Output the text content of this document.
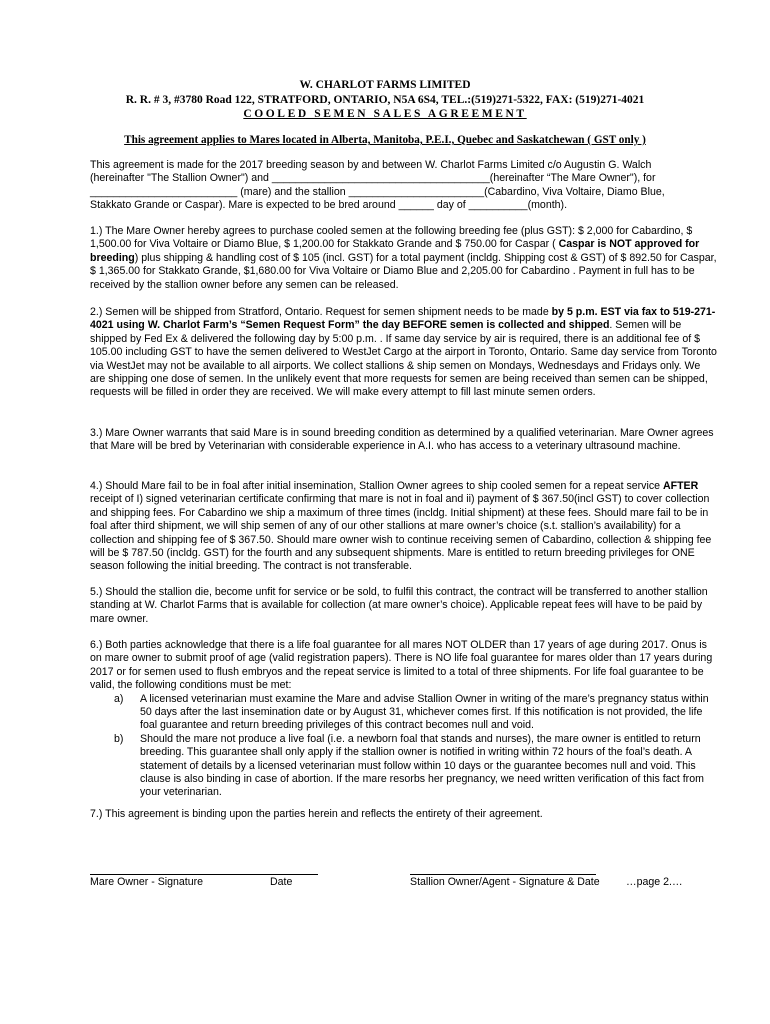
W. CHARLOT FARMS LIMITED
R. R. # 3, #3780 Road 122, STRATFORD, ONTARIO, N5A 6S4, TEL.:(519)271-5322, FAX: (519)271-4021
COOLED SEMEN SALES AGREEMENT
This agreement applies to Mares located in Alberta, Manitoba, P.E.I., Quebec and Saskatchewan ( GST only )
This agreement is made for the 2017 breeding season by and between W. Charlot Farms Limited c/o Augustin G. Walch
(hereinafter "The Stallion Owner") and _____________________________________(hereinafter “The Mare Owner"), for
_________________________ (mare) and the stallion _______________________(Cabardino, Viva Voltaire, Diamo Blue,
Stakkato Grande or Caspar). Mare is expected to be bred around ______ day of __________(month).
1.) The Mare Owner hereby agrees to purchase cooled semen at the following breeding fee (plus GST): $ 2,000 for Cabardino, $ 1,500.00 for Viva Voltaire or Diamo Blue, $ 1,200.00 for Stakkato Grande and $ 750.00 for Caspar ( Caspar is NOT approved for breeding) plus shipping & handling cost of $ 105 (incl. GST) for a total payment (incldg. Shipping cost & GST) of $ 892.50 for Caspar, $ 1,365.00 for Stakkato Grande, $1,680.00 for Viva Voltaire or Diamo Blue and 2,205.00 for Cabardino . Payment in full has to be received by the stallion owner before any semen can be released.
2.) Semen will be shipped from Stratford, Ontario. Request for semen shipment needs to be made by 5 p.m. EST via fax to 519-271-4021 using W. Charlot Farm’s “Semen Request Form” the day BEFORE semen is collected and shipped. Semen will be shipped by Fed Ex & delivered the following day by 5:00 p.m. . If same day service by air is required, there is an additional fee of $ 105.00 including GST to have the semen delivered to WestJet Cargo at the airport in Toronto, Ontario. Same day service from Toronto via WestJet may not be available to all airports. We collect stallions & ship semen on Mondays, Wednesdays and Fridays only. We are shipping one dose of semen. In the unlikely event that more requests for semen are being received than semen can be shipped, requests will be filled in order they are received. We will make every attempt to fill last minute semen orders.
3.) Mare Owner warrants that said Mare is in sound breeding condition as determined by a qualified veterinarian. Mare Owner agrees that Mare will be bred by Veterinarian with considerable experience in A.I. who has access to a veterinary ultrasound machine.
4.) Should Mare fail to be in foal after initial insemination, Stallion Owner agrees to ship cooled semen for a repeat service AFTER receipt of I) signed veterinarian certificate confirming that mare is not in foal and ii) payment of $ 367.50(incl GST) to cover collection and shipping fees. For Cabardino we ship a maximum of three times (incldg. Initial shipment) at these fees. Should mare fail to be in foal after third shipment, we will ship semen of any of our other stallions at mare owner’s choice (s.t. stallion’s availability) for a collection and shipping fee of $ 367.50. Should mare owner wish to continue receiving semen of Cabardino, collection & shipping fee will be $ 787.50 (incldg. GST) for the fourth and any subsequent shipments. Mare is entitled to return breeding privileges for ONE season following the initial breeding. The contract is not transferable.
5.) Should the stallion die, become unfit for service or be sold, to fulfil this contract, the contract will be transferred to another stallion standing at W. Charlot Farms that is available for collection (at mare owner’s choice). Applicable repeat fees will have to be paid by mare owner.
6.) Both parties acknowledge that there is a life foal guarantee for all mares NOT OLDER than 17 years of age during 2017. Onus is on mare owner to submit proof of age (valid registration papers). There is NO life foal guarantee for mares older than 17 years during 2017 or for semen used to flush embryos and the repeat service is limited to a total of three shipments. For life foal guarantee to be valid, the following conditions must be met:
a) A licensed veterinarian must examine the Mare and advise Stallion Owner in writing of the mare’s pregnancy status within 50 days after the last insemination date or by August 31, whichever comes first. If this notification is not provided, the life foal guarantee and return breeding privileges of this contract becomes null and void.
b) Should the mare not produce a live foal (i.e. a newborn foal that stands and nurses), the mare owner is entitled to return breeding. This guarantee shall only apply if the stallion owner is notified in writing within 72 hours of the foal’s death. A statement of details by a licensed veterinarian must follow within 10 days or the guarantee becomes null and void. This clause is also binding in case of abortion. If the mare resorbs her pregnancy, we need written verification of this fact from your veterinarian.
7.) This agreement is binding upon the parties herein and reflects the entirety of their agreement.
Mare Owner - Signature	Date	Stallion Owner/Agent - Signature & Date …page 2.…
